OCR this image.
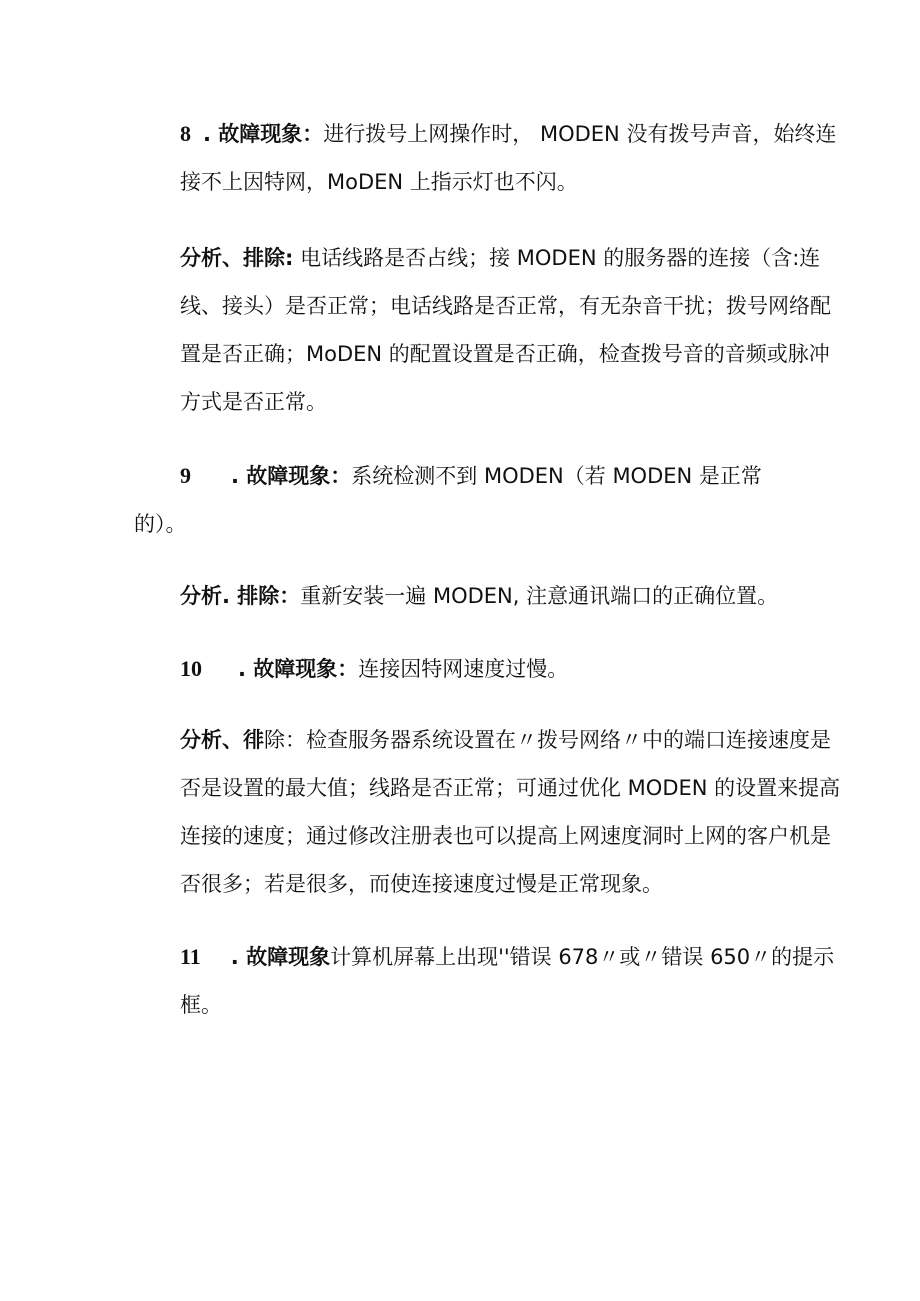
8 . 故障现象：进行拨号上网操作时， MODEN 没有拨号声音，始终连接不上因特网，MoDEN 上指示灯也不闪。

分析、排除: 电话线路是否占线；接 MODEN 的服务器的连接（含:连线、接头）是否正常；电话线路是否正常，有无杂音干扰；拨号网络配置是否正确；MoDEN 的配置设置是否正确，检查拨号音的音频或脉冲方式是否正常。

9 . 故障现象：系统检测不到 MODEN（若 MODEN 是正常

的）。

分析. 排除：重新安装一遍 MODEN, 注意通讯端口的正确位置。

10 . 故障现象：连接因特网速度过慢。

分析、徘除：检查服务器系统设置在〃拨号网络〃中的端口连接速度是否是设置的最大值；线路是否正常；可通过优化 MODEN 的设置来提高连接的速度；通过修改注册表也可以提高上网速度洞时上网的客户机是否很多；若是很多，而使连接速度过慢是正常现象。

11 . 故障现象计算机屏幕上出现''错误 678〃或〃错误 650〃的提示框。
